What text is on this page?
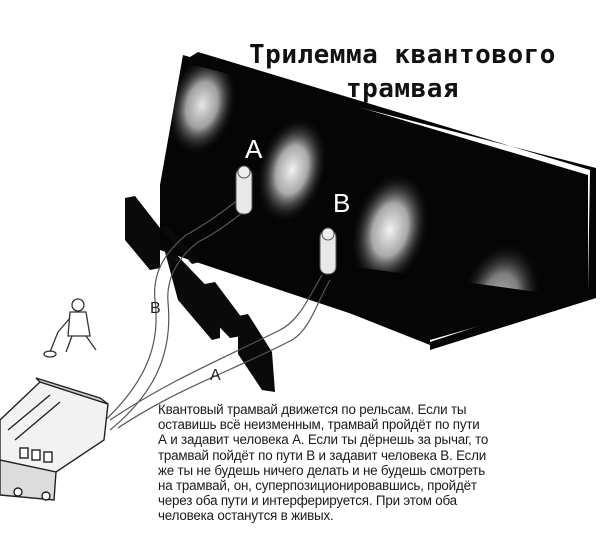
A
B
B
A
Трилемма квантового
трамвая
Квантовый трамвай движется по рельсам. Если ты
оставишь всё неизменным, трамвай пройдёт по пути
А и задавит человека А. Если ты дёрнешь за рычаг, то
трамвай пойдёт по пути В и задавит человека В. Если
же ты не будешь ничего делать и не будешь смотреть
на трамвай, он, суперпозиционировавшись, пройдёт
через оба пути и интерферируется. При этом оба
человека останутся в живых.
